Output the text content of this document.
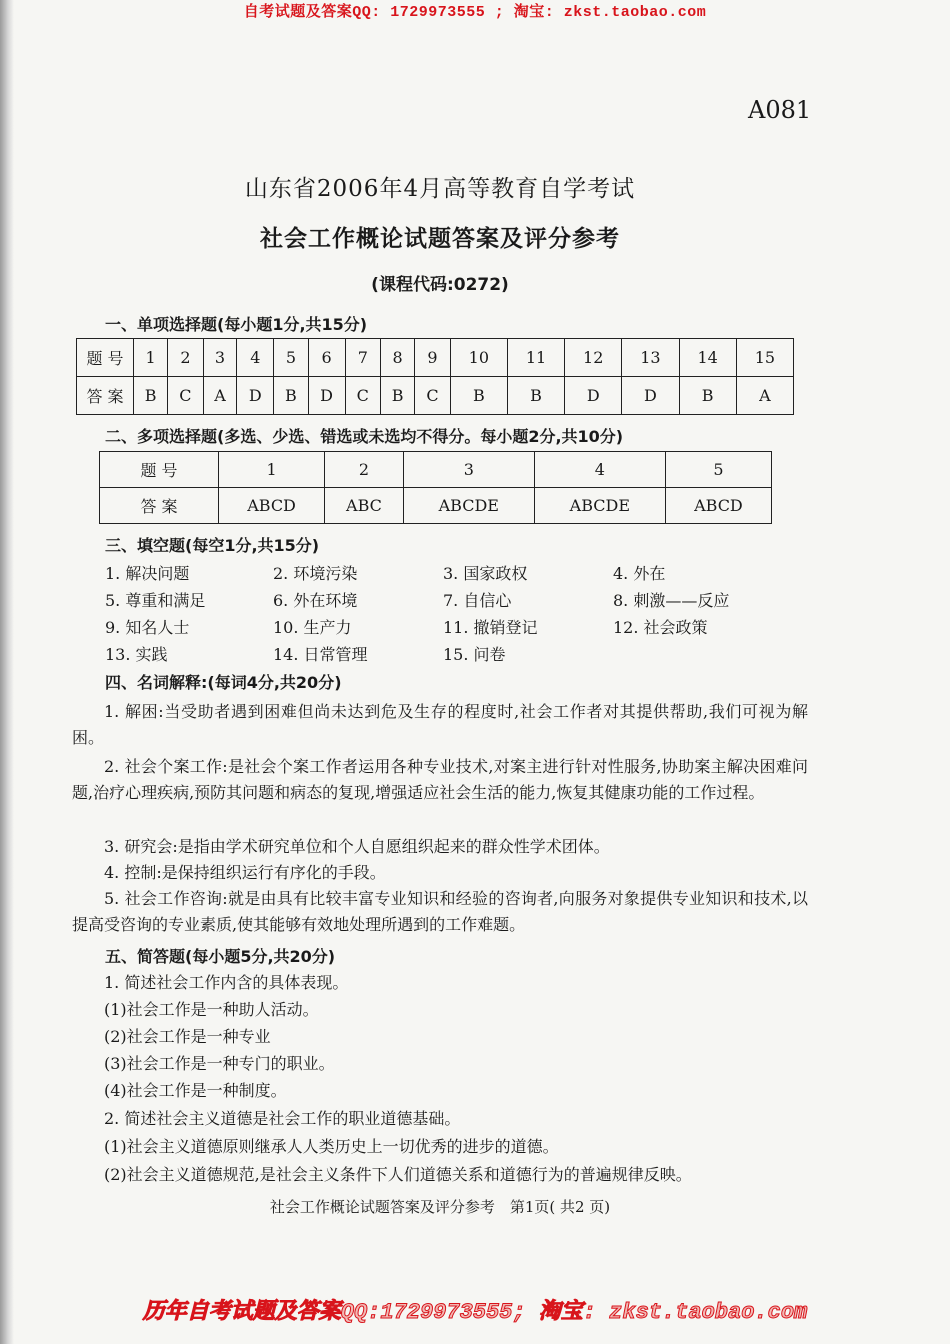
自考试题及答案QQ: 1729973555 ; 淘宝: zkst.taobao.com
A081
山东省2006年4月高等教育自学考试
社会工作概论试题答案及评分参考
(课程代码:0272)
一、单项选择题(每小题1分,共15分)
题 号	1	2	3	4	5	6	7	8	9	10	11	12	13	14	15
答 案	B	C	A	D	B	D	C	B	C	B	B	D	D	B	A
二、多项选择题(多选、少选、错选或未选均不得分。每小题2分,共10分)
题 号	1	2	3	4	5
答 案	ABCD	ABC	ABCDE	ABCDE	ABCD
三、填空题(每空1分,共15分)
1. 解决问题	2. 环境污染	3. 国家政权	4. 外在
5. 尊重和满足	6. 外在环境	7. 自信心	8. 刺激——反应
9. 知名人士	10. 生产力	11. 撤销登记	12. 社会政策
13. 实践	14. 日常管理	15. 问卷
四、名词解释:(每词4分,共20分)
1. 解困:当受助者遇到困难但尚未达到危及生存的程度时,社会工作者对其提供帮助,我们可视为解困。
2. 社会个案工作:是社会个案工作者运用各种专业技术,对案主进行针对性服务,协助案主解决困难问题,治疗心理疾病,预防其问题和病态的复现,增强适应社会生活的能力,恢复其健康功能的工作过程。
3. 研究会:是指由学术研究单位和个人自愿组织起来的群众性学术团体。
4. 控制:是保持组织运行有序化的手段。
5. 社会工作咨询:就是由具有比较丰富专业知识和经验的咨询者,向服务对象提供专业知识和技术,以提高受咨询的专业素质,使其能够有效地处理所遇到的工作难题。
五、简答题(每小题5分,共20分)
1. 简述社会工作内含的具体表现。
(1)社会工作是一种助人活动。
(2)社会工作是一种专业
(3)社会工作是一种专门的职业。
(4)社会工作是一种制度。
2. 简述社会主义道德是社会工作的职业道德基础。
(1)社会主义道德原则继承人人类历史上一切优秀的进步的道德。
(2)社会主义道德规范,是社会主义条件下人们道德关系和道德行为的普遍规律反映。
社会工作概论试题答案及评分参考　第1页( 共2 页)
历年自考试题及答案QQ:1729973555; 淘宝: zkst.taobao.com
